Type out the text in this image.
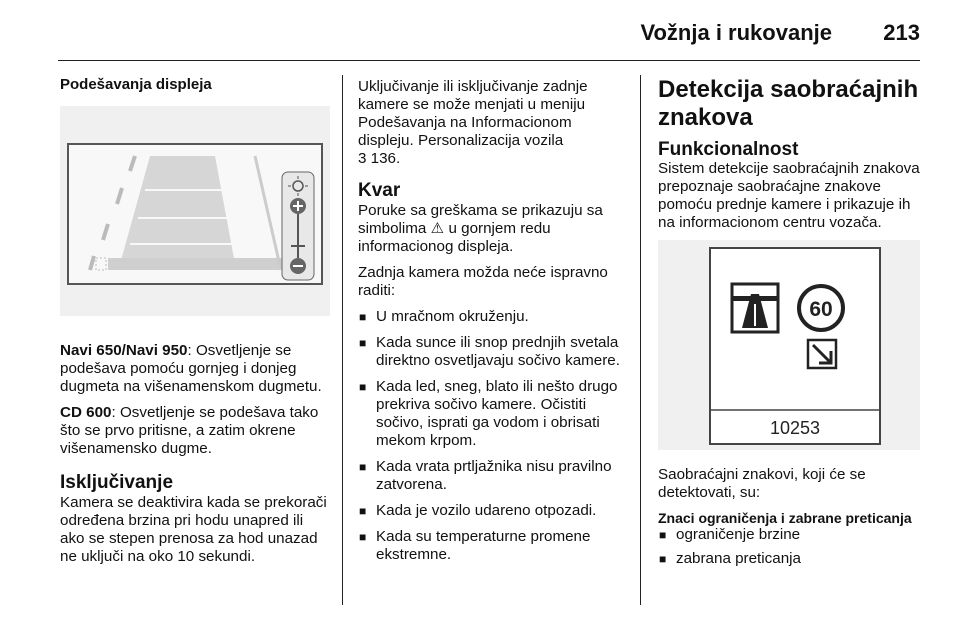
Vožnja i rukovanje 213
Podešavanja displeja

Navi 650/Navi 950: Osvetljenje se podešava pomoću gornjeg i donjeg dugmeta na višenamenskom dugmetu.

CD 600: Osvetljenje se podešava tako što se prvo pritisne, a zatim okrene višenamensko dugme.

Isključivanje

Kamera se deaktivira kada se prekorači određena brzina pri hodu unapred ili ako se stepen prenosa za hod unazad ne uključi na oko 10 sekundi.

Uključivanje ili isključivanje zadnje kamere se može menjati u meniju Podešavanja na Informacionom displeju. Personalizacija vozila

3 136.

Kvar

Poruke sa greškama se prikazuju sa simbolima ⚠ u gornjem redu informacionog displeja.

Zadnja kamera možda neće ispravno raditi:

■ U mračnom okruženju.
■ Kada sunce ili snop prednjih svetala direktno osvetljavaju sočivo kamere.
■ Kada led, sneg, blato ili nešto drugo prekriva sočivo kamere. Očistiti sočivo, isprati ga vodom i obrisati mekom krpom.
■ Kada vrata prtljažnika nisu pravilno zatvorena.
■ Kada je vozilo udareno otpozadi.
■ Kada su temperaturne promene ekstremne.
Detekcija saobraćajnih znakova
Funkcionalnost

Sistem detekcije saobraćajnih znakova prepoznaje saobraćajne znakove pomoću prednje kamere i prikazuje ih na informacionom centru vozača.

60
10253

Saobraćajni znakovi, koji će se detektovati, su:

Znaci ograničenja i zabrane preticanja
■ ograničenje brzine
■ zabrana preticanja
